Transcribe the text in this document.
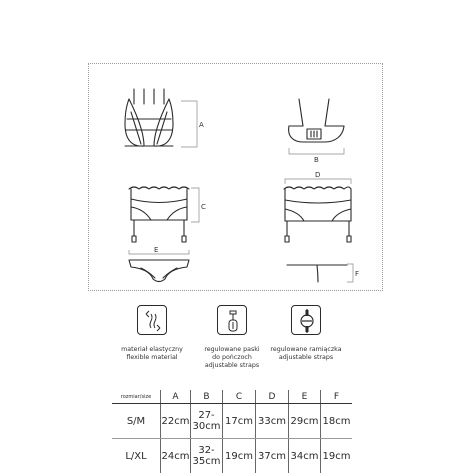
A
B
C
D
E
F
materiał elastyczny
flexible material
regulowane paski
do pończoch
adjustable straps
regulowane ramiączka
adjustable straps
rozmiar/size	A	B	C	D	E	F
S/M	22cm	27-30cm	17cm	33cm	29cm	18cm
L/XL	24cm	32-35cm	19cm	37cm	34cm	19cm
